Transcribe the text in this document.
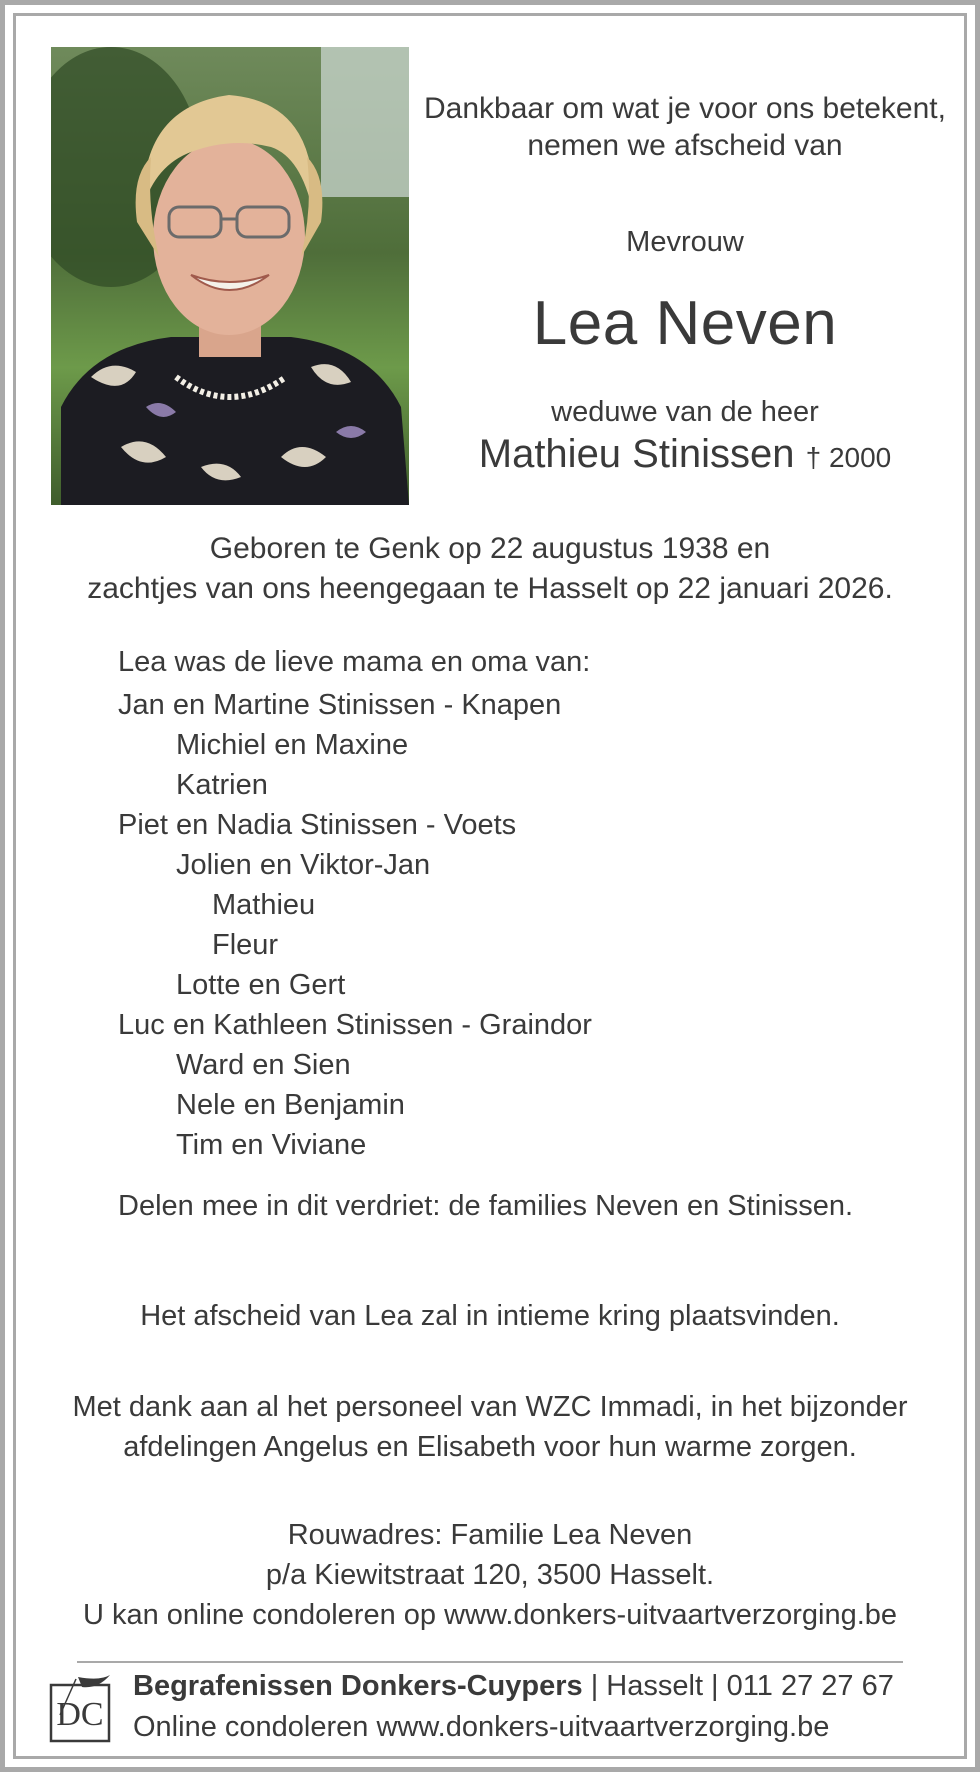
Dankbaar om wat je voor ons betekent,
nemen we afscheid van
Mevrouw
Lea Neven
weduwe van de heer
Mathieu Stinissen † 2000
Geboren te Genk op 22 augustus 1938 en
zachtjes van ons heengegaan te Hasselt op 22 januari 2026.
Lea was de lieve mama en oma van:
Jan en Martine Stinissen - Knapen
Michiel en Maxine
Katrien
Piet en Nadia Stinissen - Voets
Jolien en Viktor-Jan
Mathieu
Fleur
Lotte en Gert
Luc en Kathleen Stinissen - Graindor
Ward en Sien
Nele en Benjamin
Tim en Viviane
Delen mee in dit verdriet: de families Neven en Stinissen.
Het afscheid van Lea zal in intieme kring plaatsvinden.
Met dank aan al het personeel van WZC Immadi, in het bijzonder
afdelingen Angelus en Elisabeth voor hun warme zorgen.
Rouwadres: Familie Lea Neven
p/a Kiewitstraat 120, 3500 Hasselt.
U kan online condoleren op www.donkers-uitvaartverzorging.be
DC
Begrafenissen Donkers-Cuypers | Hasselt | 011 27 27 67
Online condoleren www.donkers-uitvaartverzorging.be
